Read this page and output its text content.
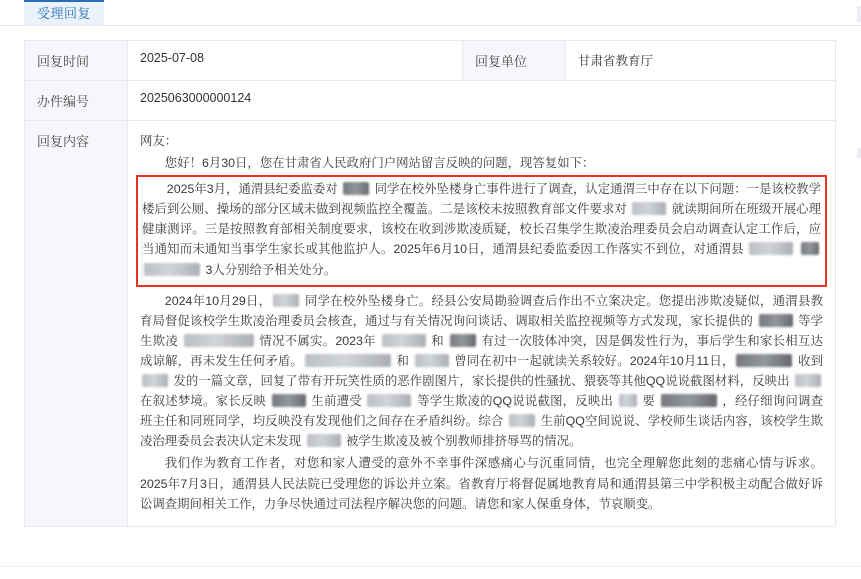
受理回复
回复时间	2025-07-08	回复单位	甘肃省教育厅
办件编号	2025063000000124		
回复内容	网友：

您好！6月30日，您在甘肃省人民政府门户网站留言反映的问题，现答复如下：

2025年3月，通渭县纪委监委对  同学在校外坠楼身亡事件进行了调查，认定通渭三中存在以下问题：一是该校教学楼后到公厕、操场的部分区域未做到视频监控全覆盖。二是该校未按照教育部文件要求对 就读期间所在班级开展心理健康测评。三是按照教育部相关制度要求，该校在收到涉欺凌质疑，校长召集学生欺凌治理委员会启动调查认定工作后，应当通知而未通知当事学生家长或其他监护人。2025年6月10日，通渭县纪委监委因工作落实不到位，对通渭县    3人分别给予相关处分。

2024年10月29日， 同学在校外坠楼身亡。经县公安局勘验调查后作出不立案决定。您提出涉欺凌疑似，通渭县教育局督促该校学生欺凌治理委员会核查，通过与有关情况询问谈话、调取相关监控视频等方式发现，家长提供的 等学生欺凌 情况不属实。2023年 和  有过一次肢体冲突，因是偶发性行为，事后学生和家长相互达成谅解，再未发生任何矛盾。 和 曾同在初中一起就读关系较好。2024年10月11日， 收到  发的一篇文章，回复了带有开玩笑性质的恶作剧图片，家长提供的性骚扰、猥亵等其他QQ说说截图材料，反映出  在叙述梦境。家长反映 生前遭受 等学生欺凌的QQ说说截图，反映出  要 ，经仔细询问调查班主任和同班同学，均反映没有发现他们之间存在矛盾纠纷。综合  生前QQ空间说说、学校师生谈话内容，该校学生欺凌治理委员会表决认定未发现 被学生欺凌及被个别教师排挤辱骂的情况。

我们作为教育工作者，对您和家人遭受的意外不幸事件深感痛心与沉重同情，也完全理解您此刻的悲痛心情与诉求。2025年7月3日，通渭县人民法院已受理您的诉讼并立案。省教育厅将督促属地教育局和通渭县第三中学积极主动配合做好诉讼调查期间相关工作，力争尽快通过司法程序解决您的问题。请您和家人保重身体，节哀顺变。		
